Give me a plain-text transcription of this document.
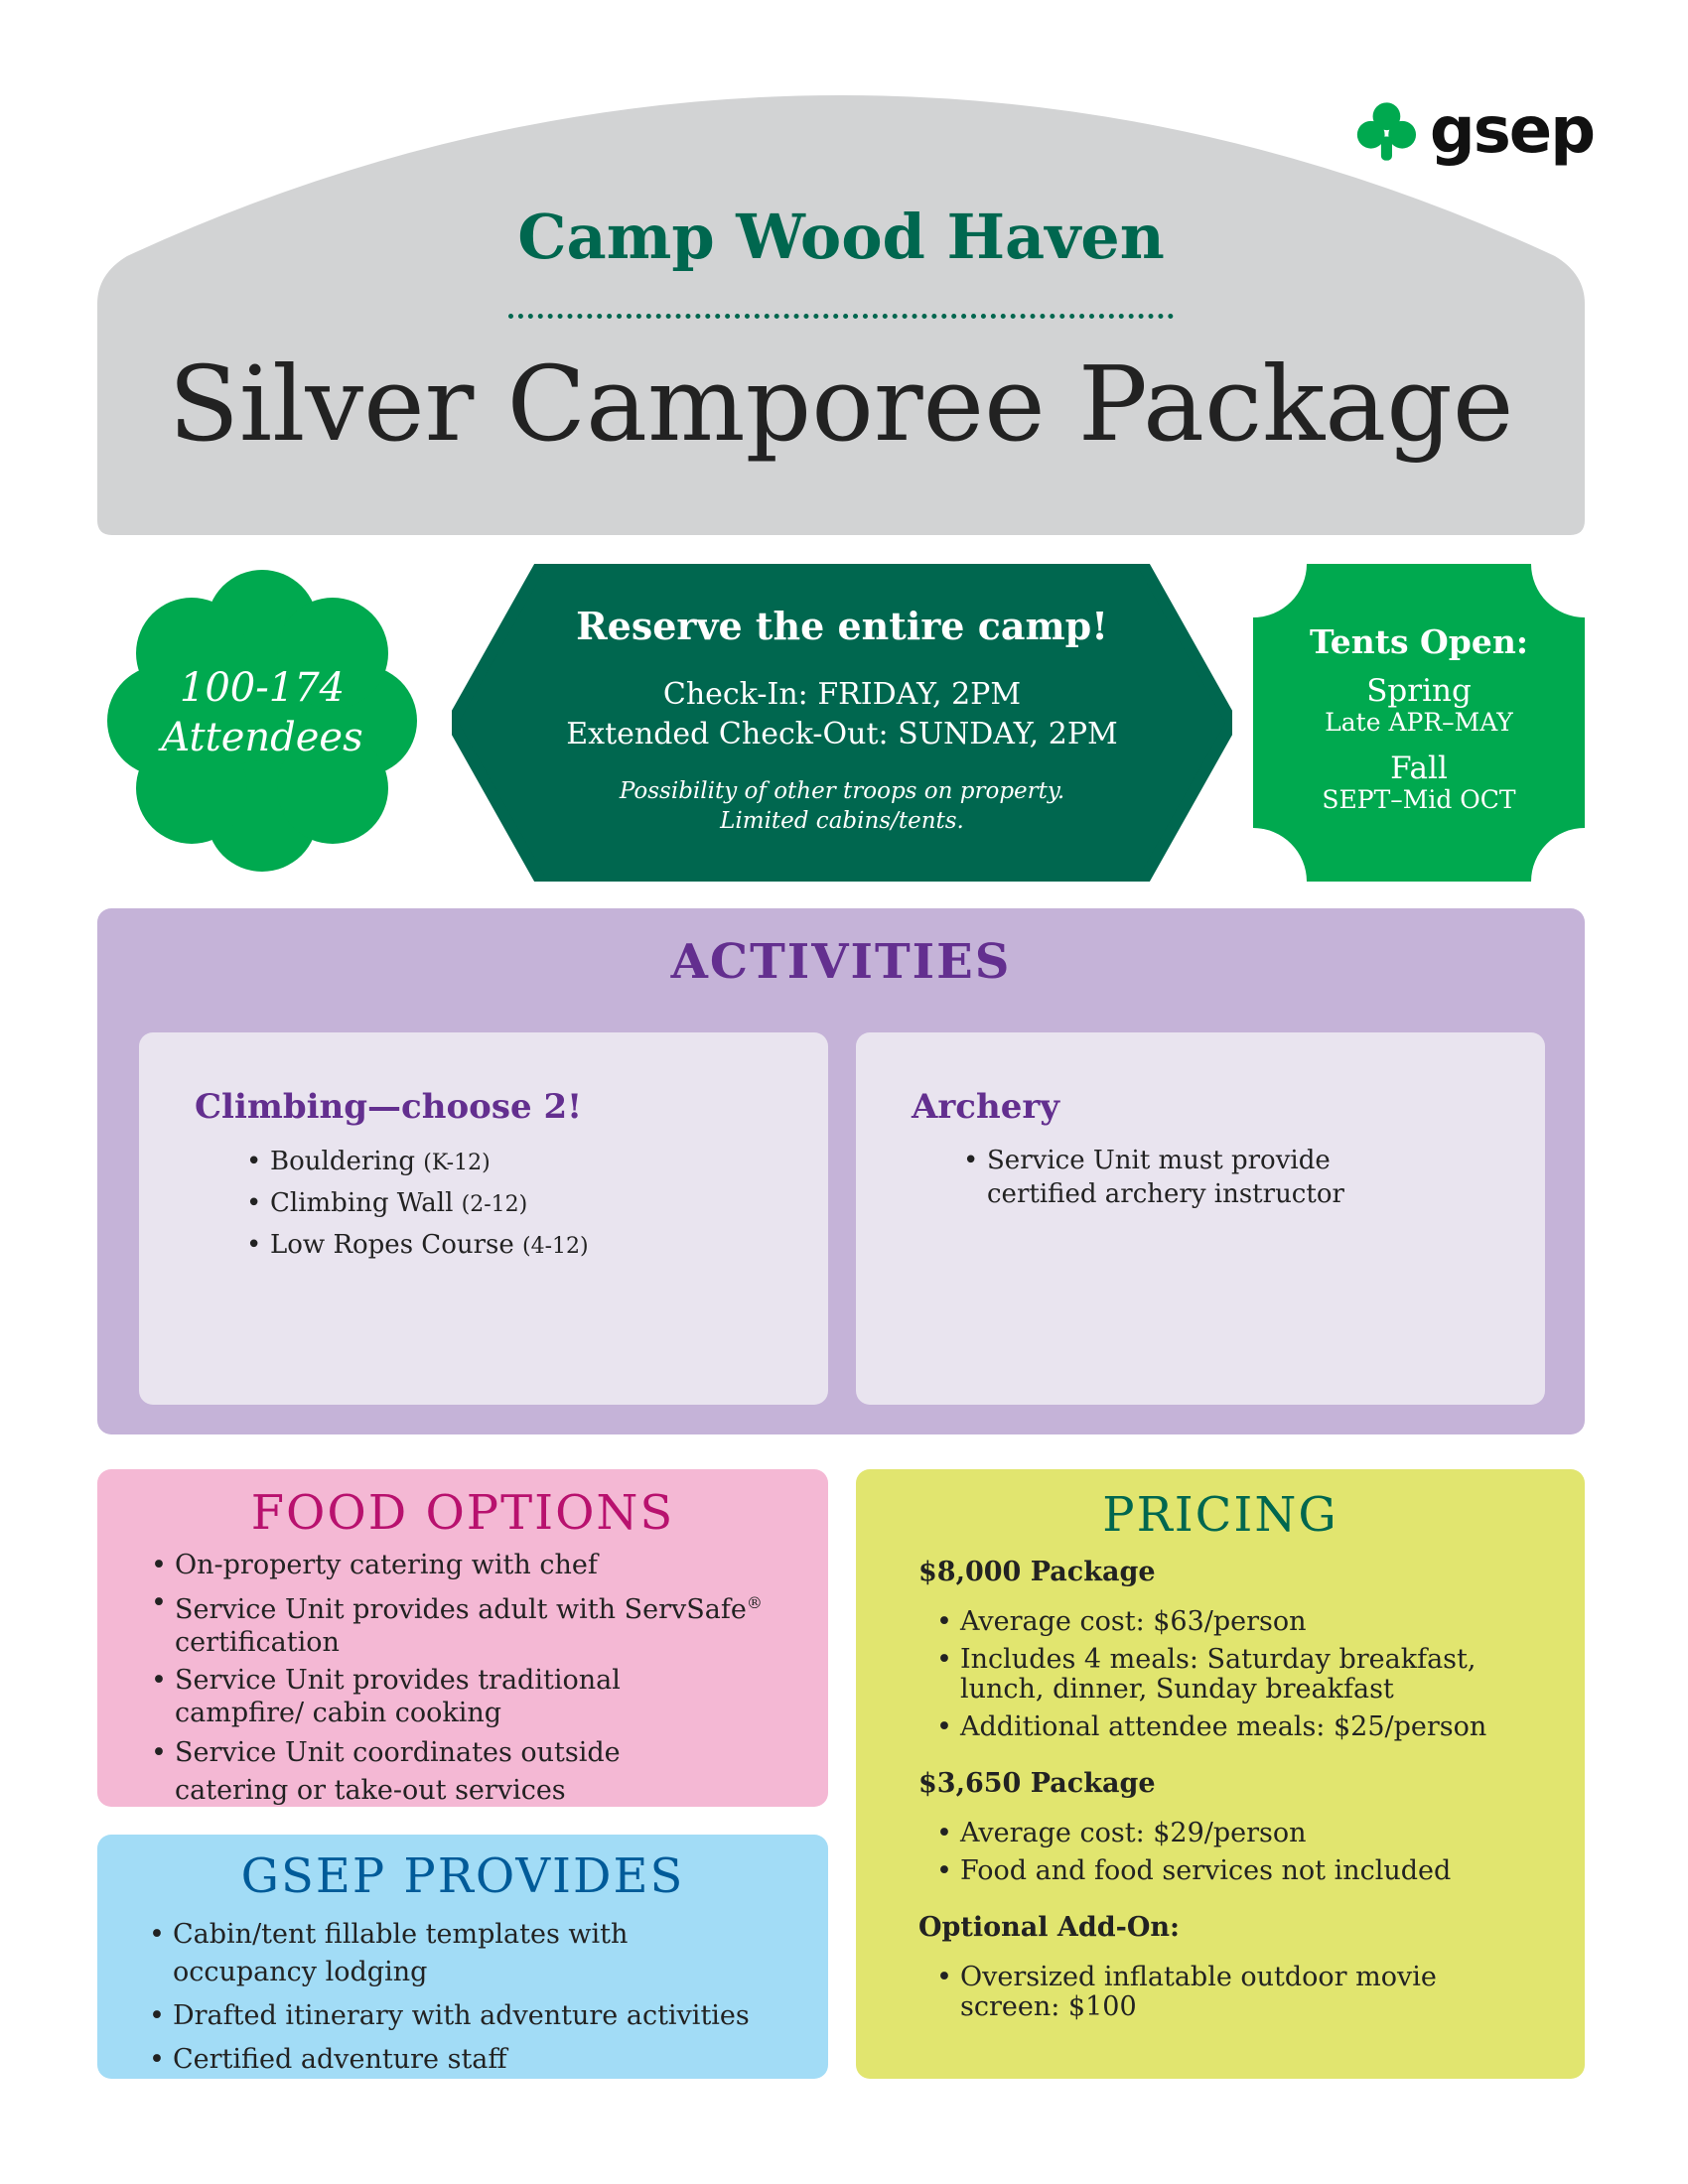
gsep
Camp Wood Haven
Silver Camporee Package
100-174
Attendees
Reserve the entire camp!
Check-In: FRIDAY, 2PM
Extended Check-Out: SUNDAY, 2PM
Possibility of other troops on property.
Limited cabins/tents.
Tents Open:
Spring
Late APR–MAY
Fall
SEPT–Mid OCT
ACTIVITIES
Climbing—choose 2!
• Bouldering (K-12)
• Climbing Wall (2-12)
• Low Ropes Course (4-12)
Archery
• Service Unit must provide certified archery instructor
FOOD OPTIONS
• On-property catering with chef
• Service Unit provides adult with ServSafe®
certification
• Service Unit provides traditional campfire/ cabin cooking
• Service Unit coordinates outside catering or take-out services
GSEP PROVIDES
• Cabin/tent fillable templates with occupancy lodging
• Drafted itinerary with adventure activities
• Certified adventure staff
PRICING
$8,000 Package
• Average cost: $63/person
• Includes 4 meals: Saturday breakfast, lunch, dinner, Sunday breakfast
• Additional attendee meals: $25/person
$3,650 Package
• Average cost: $29/person
• Food and food services not included
Optional Add-On:
• Oversized inflatable outdoor movie screen: $100
